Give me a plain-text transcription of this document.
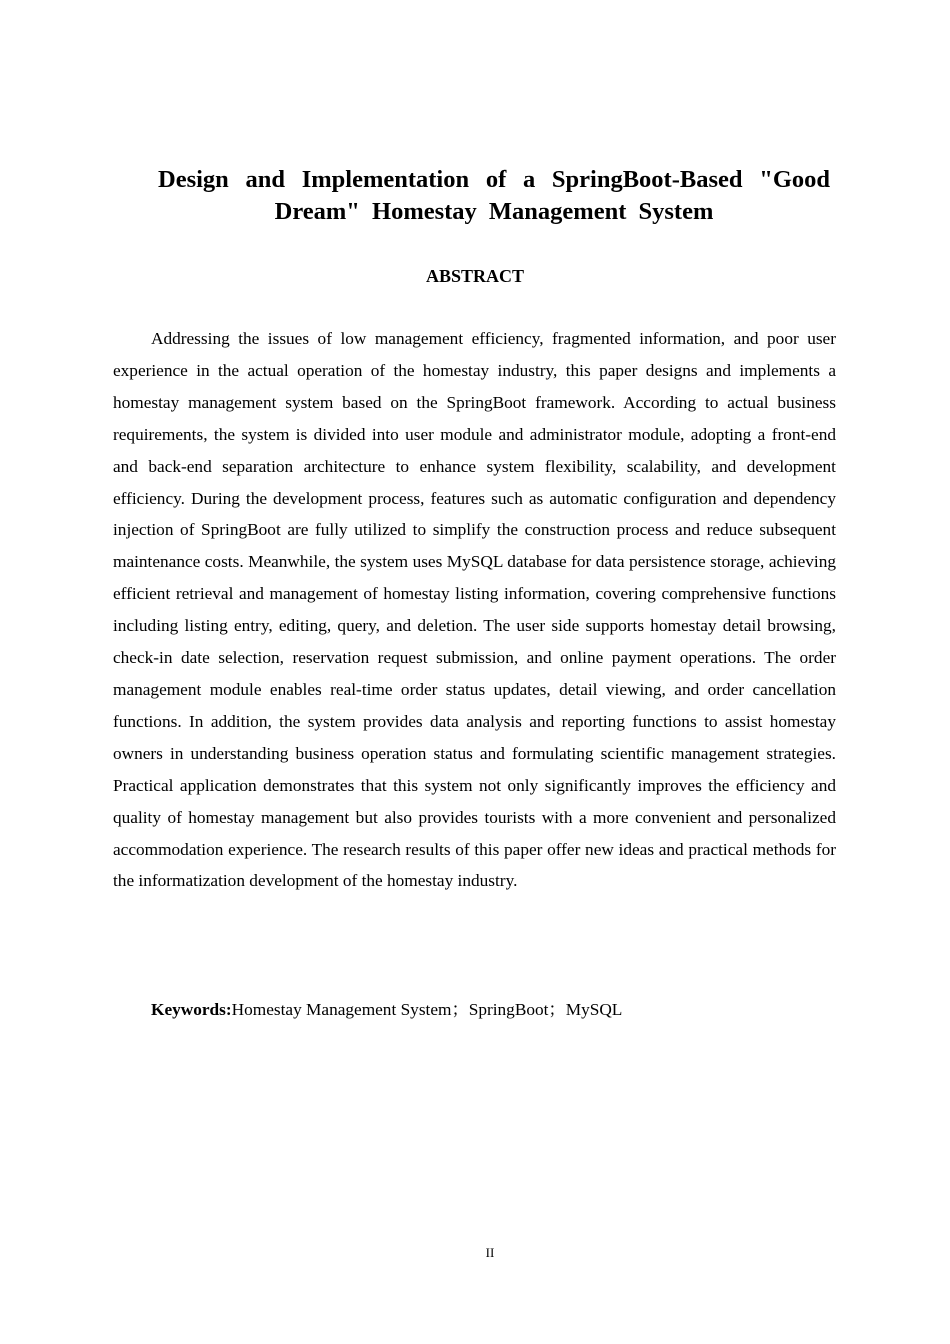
Design and Implementation of a SpringBoot-Based "Good
Dream" Homestay Management System
ABSTRACT

Addressing the issues of low management efficiency, fragmented information, and poor user experience in the actual operation of the homestay industry, this paper designs and implements a homestay management system based on the SpringBoot framework. According to actual business requirements, the system is divided into user module and administrator module, adopting a front-end and back-end separation architecture to enhance system flexibility, scalability, and development efficiency. During the development process, features such as automatic configuration and dependency injection of SpringBoot are fully utilized to simplify the construction process and reduce subsequent maintenance costs. Meanwhile, the system uses MySQL database for data persistence storage, achieving efficient retrieval and management of homestay listing information, covering comprehensive functions including listing entry, editing, query, and deletion. The user side supports homestay detail browsing, check-in date selection, reservation request submission, and online payment operations. The order management module enables real-time order status updates, detail viewing, and order cancellation functions. In addition, the system provides data analysis and reporting functions to assist homestay owners in understanding business operation status and formulating scientific management strategies. Practical application demonstrates that this system not only significantly improves the efficiency and quality of homestay management but also provides tourists with a more convenient and personalized accommodation experience. The research results of this paper offer new ideas and practical methods for the informatization development of the homestay industry.

Keywords:Homestay Management System；SpringBoot；MySQL

II
